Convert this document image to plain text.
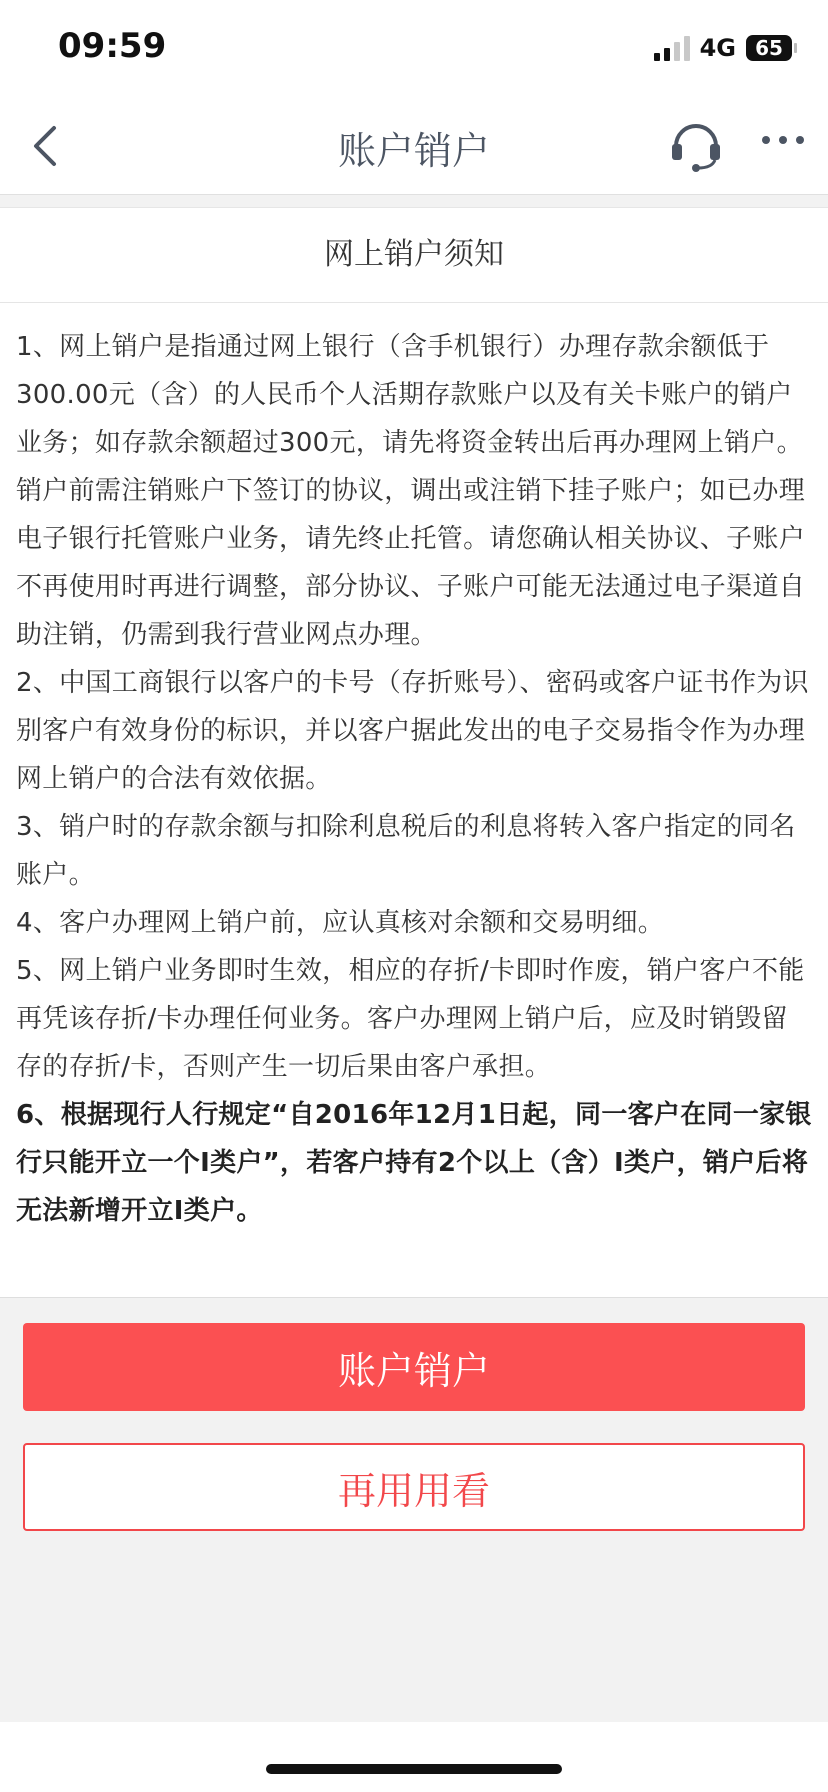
09:59	4G 65
账户销户
网上销户须知

1、网上销户是指通过网上银行（含手机银行）办理存款余额低于300.00元（含）的人民币个人活期存款账户以及有关卡账户的销户业务；如存款余额超过300元，请先将资金转出后再办理网上销户。销户前需注销账户下签订的协议，调出或注销下挂子账户；如已办理电子银行托管账户业务，请先终止托管。请您确认相关协议、子账户不再使用时再进行调整，部分协议、子账户可能无法通过电子渠道自助注销，仍需到我行营业网点办理。

2、中国工商银行以客户的卡号（存折账号）、密码或客户证书作为识别客户有效身份的标识，并以客户据此发出的电子交易指令作为办理网上销户的合法有效依据。

3、销户时的存款余额与扣除利息税后的利息将转入客户指定的同名账户。

4、客户办理网上销户前，应认真核对余额和交易明细。

5、网上销户业务即时生效，相应的存折/卡即时作废，销户客户不能再凭该存折/卡办理任何业务。客户办理网上销户后，应及时销毁留存的存折/卡，否则产生一切后果由客户承担。

6、根据现行人行规定“自2016年12月1日起，同一客户在同一家银行只能开立一个I类户”，若客户持有2个以上（含）I类户，销户后将无法新增开立I类户。

账户销户
再用用看
